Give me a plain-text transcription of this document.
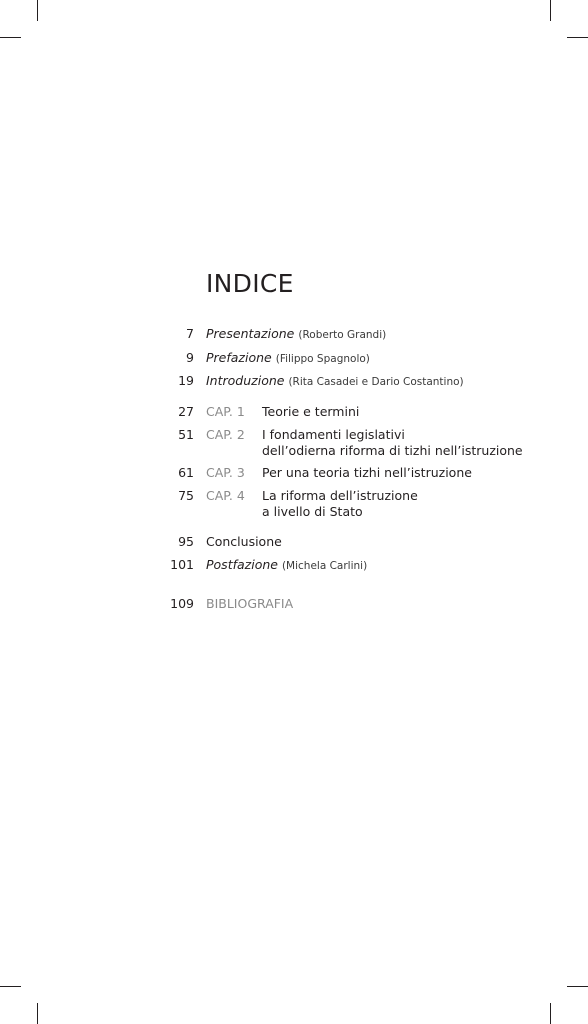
INDICE
7 Presentazione (Roberto Grandi)
9 Prefazione (Filippo Spagnolo)
19 Introduzione (Rita Casadei e Dario Costantino)
27 CAP. 1 Teorie e termini
51 CAP. 2 I fondamenti legislativi
dell’odierna riforma di tizhi nell’istruzione
61 CAP. 3 Per una teoria tizhi nell’istruzione
75 CAP. 4 La riforma dell’istruzione
a livello di Stato
95 Conclusione
101 Postfazione (Michela Carlini)
109 BIBLIOGRAFIA
